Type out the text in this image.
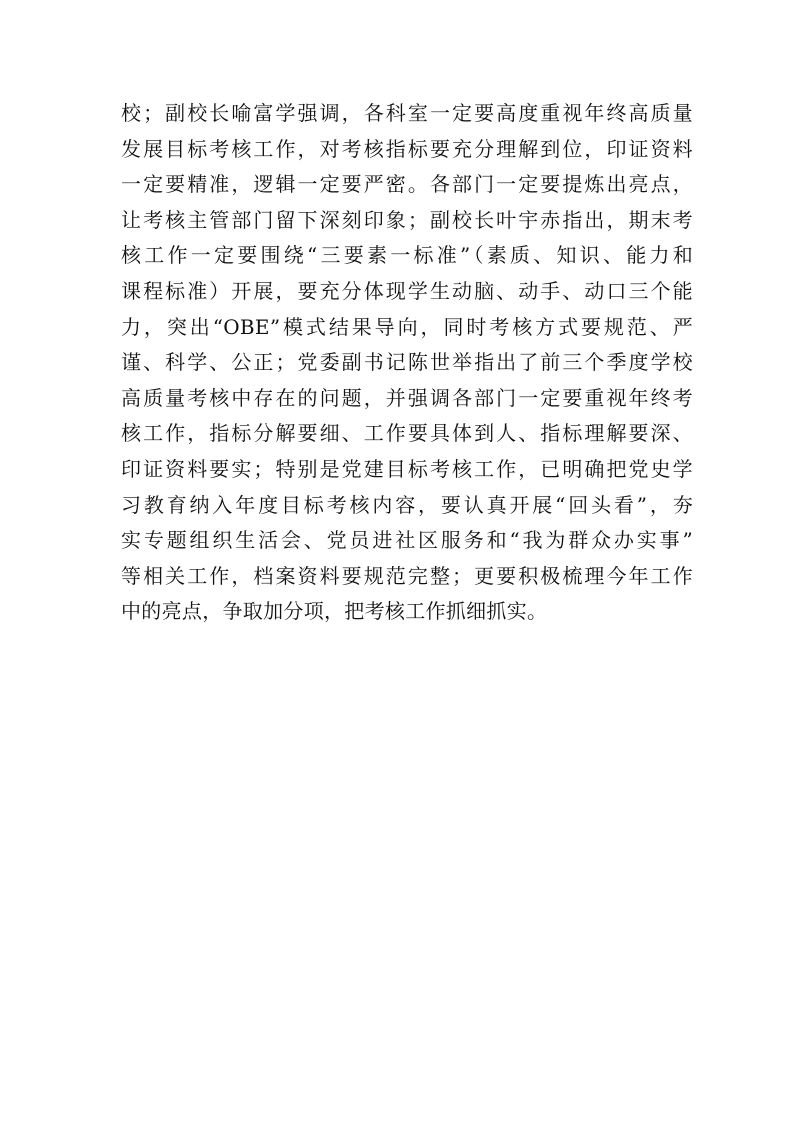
校；副校长喻富学强调，各科室一定要高度重视年终高质量
发展目标考核工作，对考核指标要充分理解到位，印证资料
一定要精准，逻辑一定要严密。各部门一定要提炼出亮点，
让考核主管部门留下深刻印象；副校长叶宇赤指出，期末考
核工作一定要围绕“三要素一标准”（素质、知识、能力和
课程标准）开展，要充分体现学生动脑、动手、动口三个能
力，突出“OBE”模式结果导向，同时考核方式要规范、严
谨、科学、公正；党委副书记陈世举指出了前三个季度学校
高质量考核中存在的问题，并强调各部门一定要重视年终考
核工作，指标分解要细、工作要具体到人、指标理解要深、
印证资料要实；特别是党建目标考核工作，已明确把党史学
习教育纳入年度目标考核内容，要认真开展“回头看”，夯
实专题组织生活会、党员进社区服务和“我为群众办实事”
等相关工作，档案资料要规范完整；更要积极梳理今年工作
中的亮点，争取加分项，把考核工作抓细抓实。
